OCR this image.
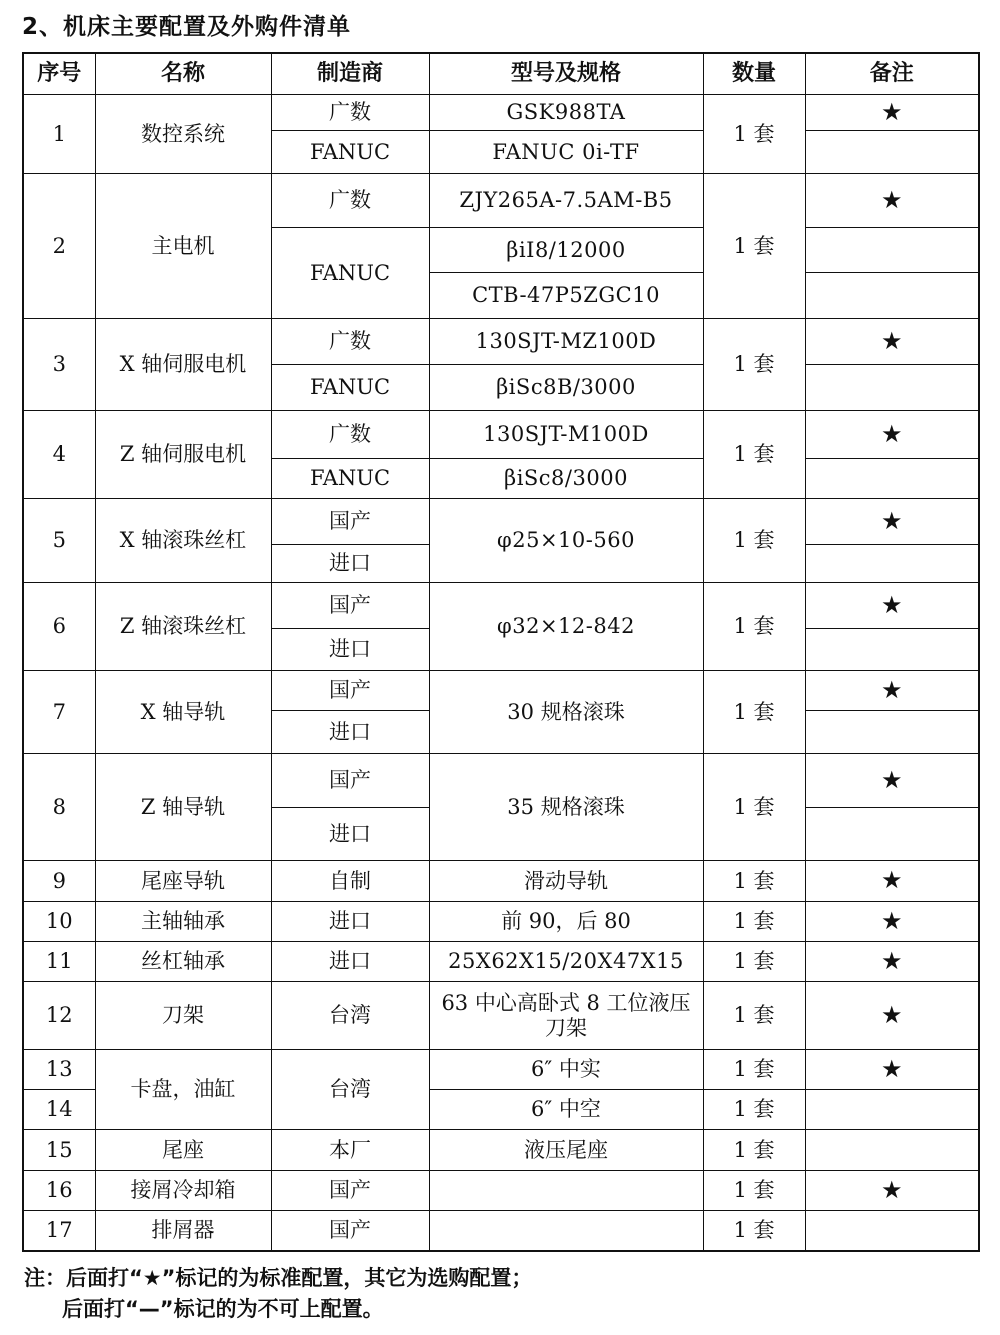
2、机床主要配置及外购件清单
序号	名称	制造商	型号及规格	数量	备注
1	数控系统	广数	GSK988TA	1 套	★
		FANUC	FANUC 0i-TF		
2	主电机	广数	ZJY265A-7.5AM-B5	1 套	★
		FANUC	βiI8/12000		
			CTB-47P5ZGC10		
3	X 轴伺服电机	广数	130SJT-MZ100D	1 套	★
		FANUC	βiSc8B/3000		
4	Z 轴伺服电机	广数	130SJT-M100D	1 套	★
		FANUC	βiSc8/3000		
5	X 轴滚珠丝杠	国产	φ25×10-560	1 套	★
		进口			
6	Z 轴滚珠丝杠	国产	φ32×12-842	1 套	★
		进口			
7	X 轴导轨	国产	30 规格滚珠	1 套	★
		进口			
8	Z 轴导轨	国产	35 规格滚珠	1 套	★
		进口			
9	尾座导轨	自制	滑动导轨	1 套	★
10	主轴轴承	进口	前 90，后 80	1 套	★
11	丝杠轴承	进口	25X62X15/20X47X15	1 套	★
12	刀架	台湾	63 中心高卧式 8 工位液压刀架	1 套	★
13	卡盘，油缸	台湾	6″ 中实	1 套	★
14			6″ 中空	1 套	
15	尾座	本厂	液压尾座	1 套	
16	接屑冷却箱	国产		1 套	★
17	排屑器	国产		1 套	
注：后面打“★”标记的为标准配置，其它为选购配置；
后面打“—”标记的为不可上配置。
